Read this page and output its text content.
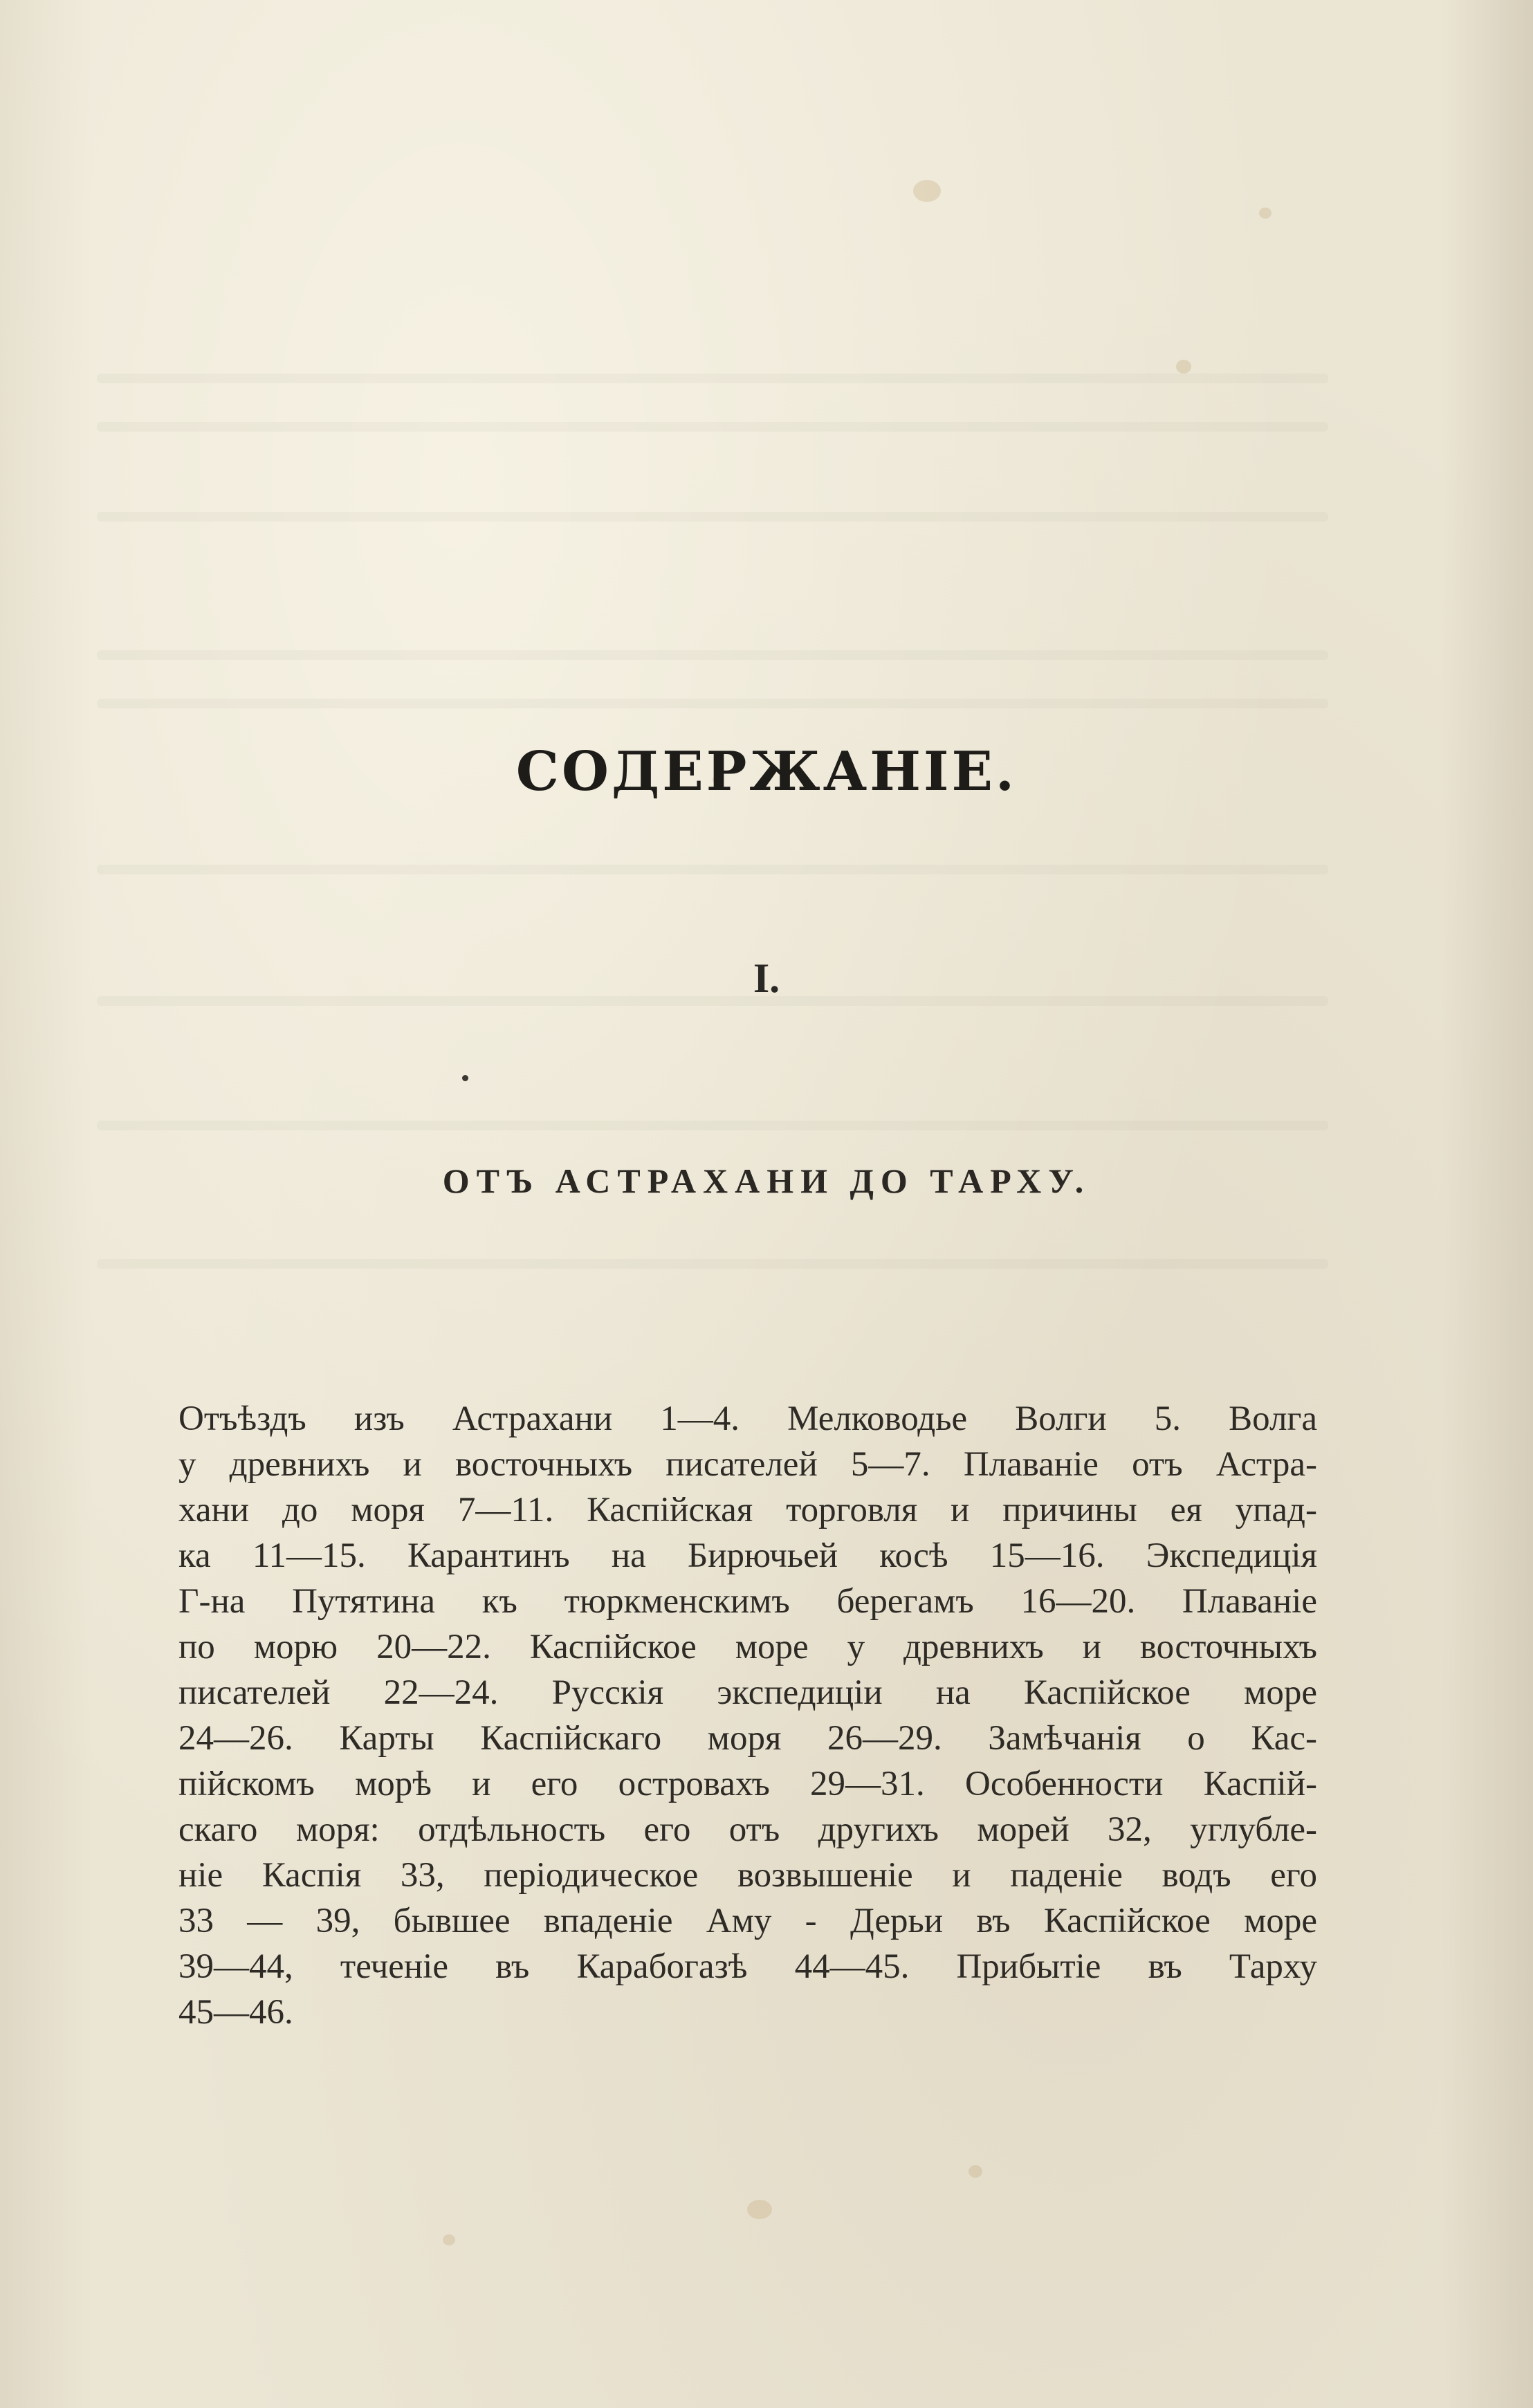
СОДЕРЖАНІЕ.
I.
ОТЪ АСТРАХАНИ ДО ТАРХУ.
Отъѣздъ изъ Астрахани 1—4. Мелководье Волги 5. Волга
у древнихъ и восточныхъ писателей 5—7. Плаваніе отъ Астра-
хани до моря 7—11. Каспійская торговля и причины ея упад-
ка 11—15. Карантинъ на Бирючьей косѣ 15—16. Экспедиція
Г-на Путятина къ тюркменскимъ берегамъ 16—20. Плаваніе
по морю 20—22. Каспійское море у древнихъ и восточныхъ
писателей 22—24. Русскія экспедиціи на Каспійское море
24—26. Карты Каспійскаго моря 26—29. Замѣчанія о Кас-
пійскомъ морѣ и его островахъ 29—31. Особенности Каспій-
скаго моря: отдѣльность его отъ другихъ морей 32, углубле-
ніе Каспія 33, періодическое возвышеніе и паденіе водъ его
33 — 39, бывшее впаденіе Аму - Дерьи въ Каспійское море
39—44, теченіе въ Карабогазѣ 44—45. Прибытіе въ Тарху
45—46.
